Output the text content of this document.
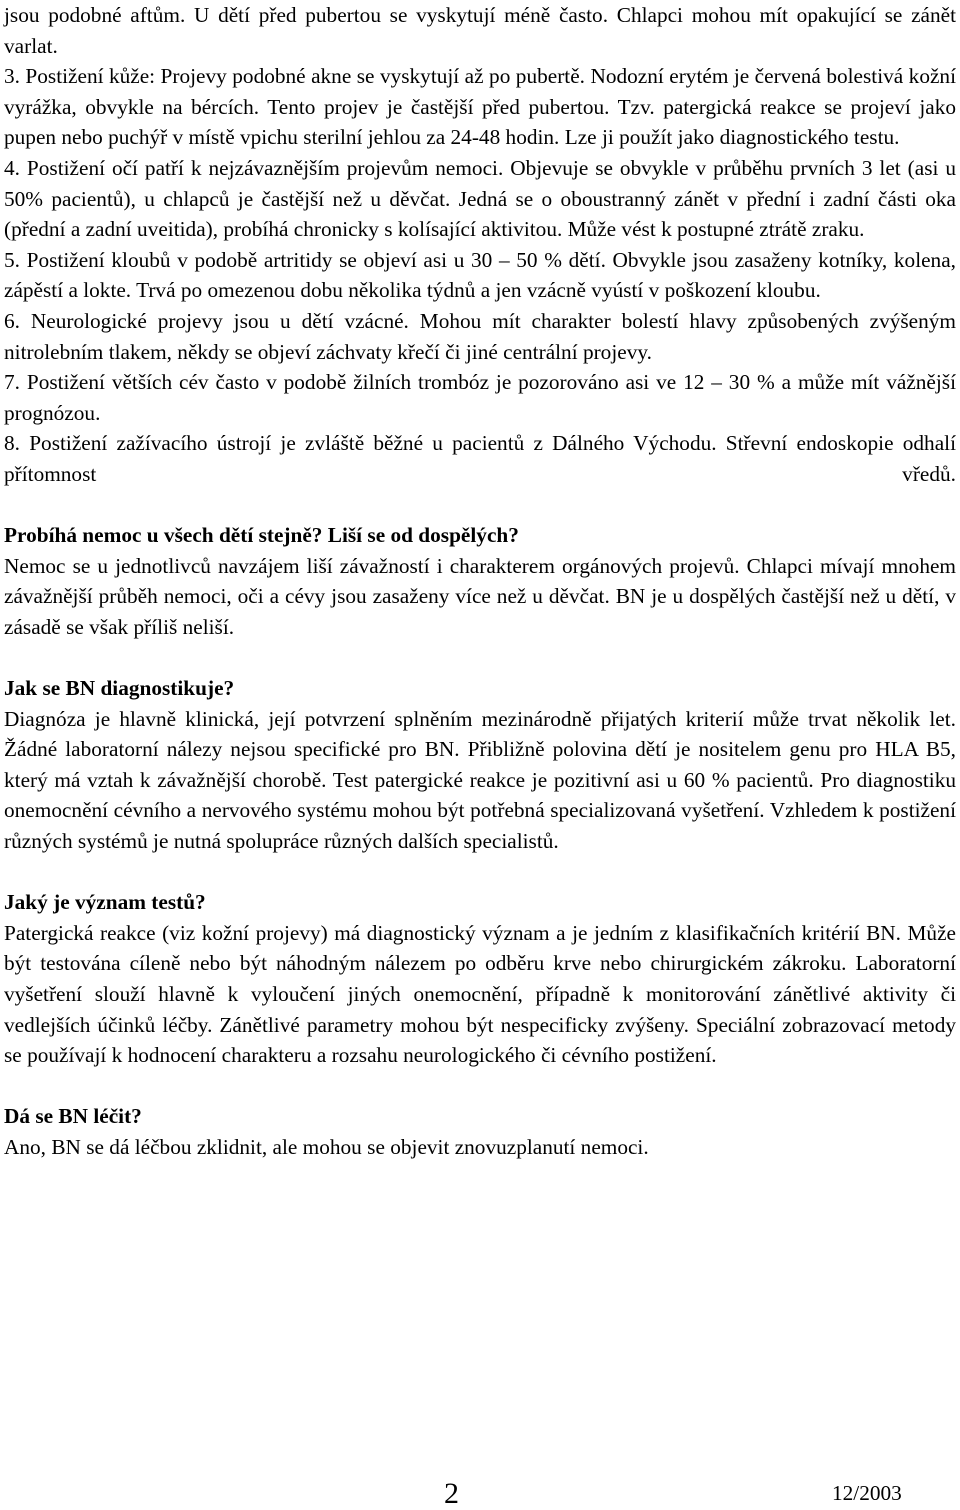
jsou podobné aftům. U dětí před pubertou se vyskytují méně často. Chlapci mohou mít opakující se zánět varlat.

3. Postižení kůže: Projevy podobné akne se vyskytují až po pubertě. Nodozní erytém je červená bolestivá kožní vyrážka, obvykle na bércích. Tento projev je častější před pubertou. Tzv. patergická reakce se projeví jako pupen nebo puchýř v místě vpichu sterilní jehlou za 24-48 hodin. Lze ji použít jako diagnostického testu.

4. Postižení očí patří k nejzávaznějším projevům nemoci. Objevuje se obvykle v průběhu prvních 3 let (asi u 50% pacientů), u chlapců je častější než u děvčat. Jedná se o oboustranný zánět v přední i zadní části oka (přední a zadní uveitida), probíhá chronicky s kolísající aktivitou. Může vést k postupné ztrátě zraku.

5. Postižení kloubů v podobě artritidy se objeví asi u 30 – 50 % dětí. Obvykle jsou zasaženy kotníky, kolena, zápěstí a lokte. Trvá po omezenou dobu několika týdnů a jen vzácně vyústí v poškození kloubu.

6. Neurologické projevy jsou u dětí vzácné. Mohou mít charakter bolestí hlavy způsobených zvýšeným nitrolebním tlakem, někdy se objeví záchvaty křečí či jiné centrální projevy.

7. Postižení větších cév často v podobě žilních trombóz je pozorováno asi ve 12 – 30 % a může mít vážnější prognózou.

8. Postižení zažívacího ústrojí je zvláště běžné u pacientů z Dálného Východu. Střevní endoskopie odhalí přítomnost vředů.

Probíhá nemoc u všech dětí stejně? Liší se od dospělých?

Nemoc se u jednotlivců navzájem liší závažností i charakterem orgánových projevů. Chlapci mívají mnohem závažnější průběh nemoci, oči a cévy jsou zasaženy více než u děvčat. BN je u dospělých častější než u dětí, v zásadě se však příliš neliší.

Jak se BN diagnostikuje?

Diagnóza je hlavně klinická, její potvrzení splněním mezinárodně přijatých kriterií může trvat několik let. Žádné laboratorní nálezy nejsou specifické pro BN. Přibližně polovina dětí je nositelem genu pro HLA B5, který má vztah k závažnější chorobě. Test patergické reakce je pozitivní asi u 60 % pacientů. Pro diagnostiku onemocnění cévního a nervového systému mohou být potřebná specializovaná vyšetření. Vzhledem k postižení různých systémů je nutná spolupráce různých dalších specialistů.

Jaký je význam testů?

Patergická reakce (viz kožní projevy) má diagnostický význam a je jedním z klasifikačních kritérií BN. Může být testována cíleně nebo být náhodným nálezem po odběru krve nebo chirurgickém zákroku. Laboratorní vyšetření slouží hlavně k vyloučení jiných onemocnění, případně k monitorování zánětlivé aktivity či vedlejších účinků léčby. Zánětlivé parametry mohou být nespecificky zvýšeny. Speciální zobrazovací metody se používají k hodnocení charakteru a rozsahu neurologického či cévního postižení.

Dá se BN léčit?

Ano, BN se dá léčbou zklidnit, ale mohou se objevit znovuzplanutí nemoci.

2	12/2003
